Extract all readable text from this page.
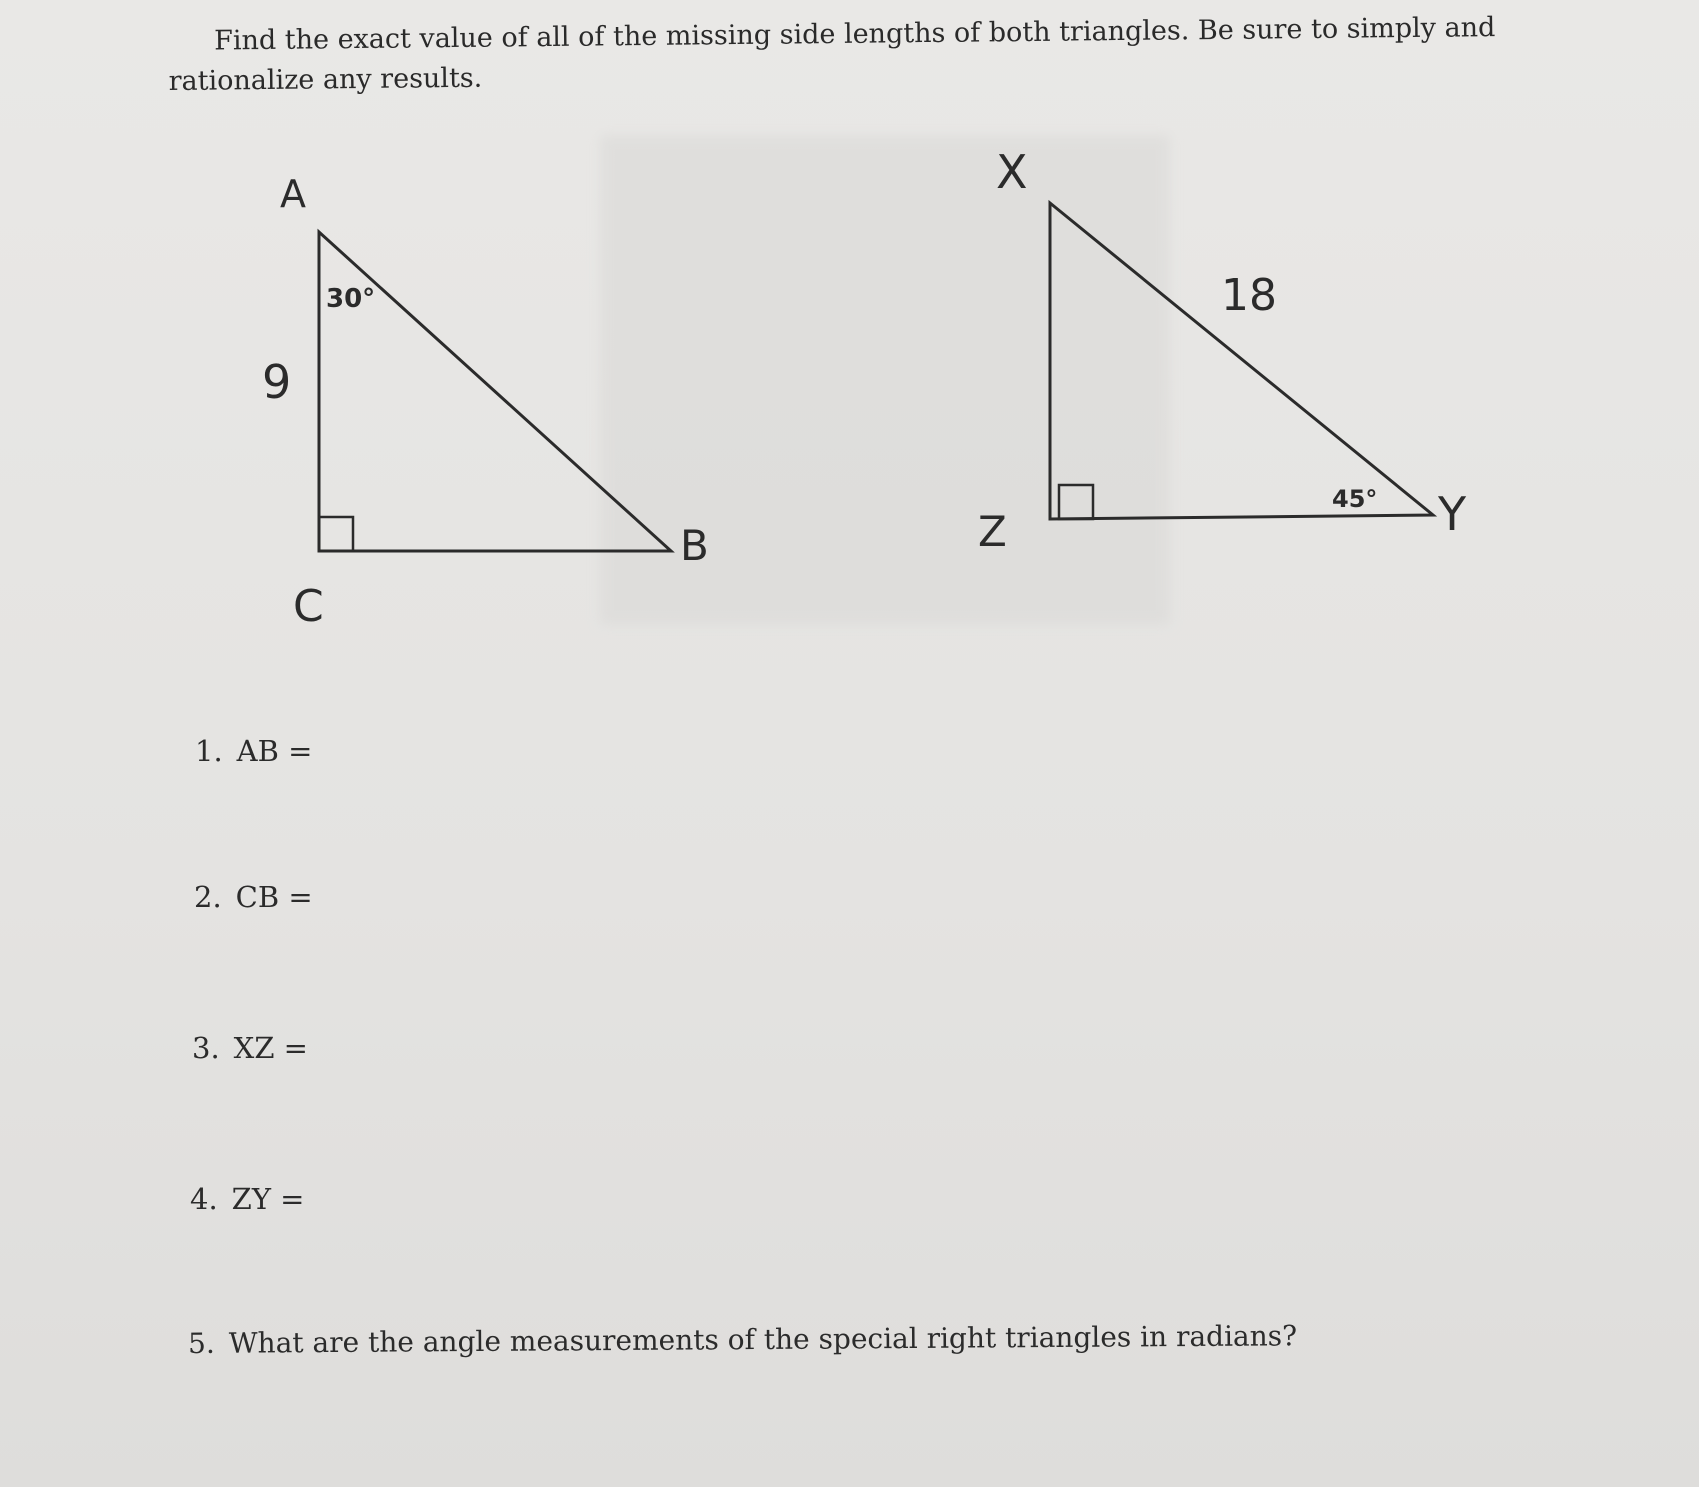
Find the exact value of all of the missing side lengths of both triangles. Be sure to simply and rationalize any results.

A
B
C
9
30°
X
Y
Z
18
45°
1. AB =
2. CB =
3. XZ =
4. ZY =
5. What are the angle measurements of the special right triangles in radians?
